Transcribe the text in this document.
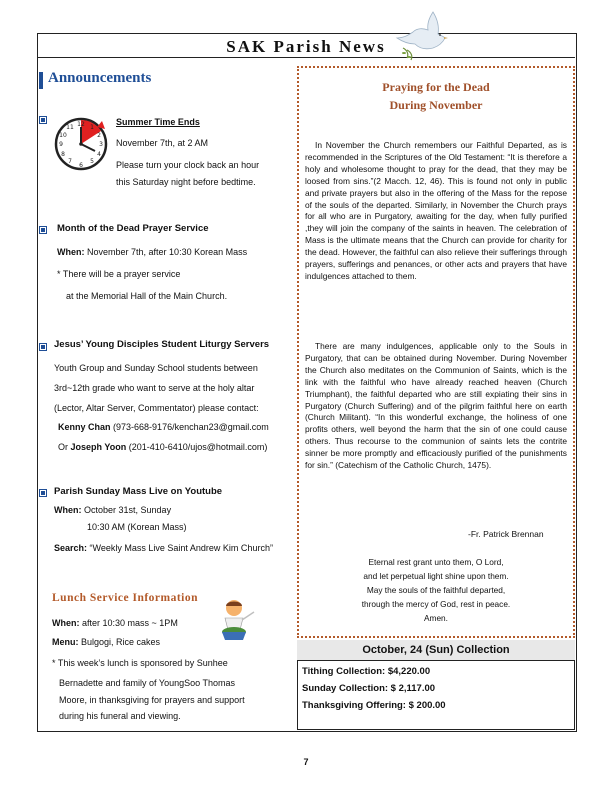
SAK Parish News
Announcements
12 1
2
3
4
5
6
7
8
9
10
11
Summer Time Ends
November 7th, at 2 AM
Please turn your clock back an hour
this Saturday night before bedtime.
Month of the Dead Prayer Service
When: November 7th, after 10:30 Korean Mass
* There will be a prayer service
at the Memorial Hall of the Main Church.
Jesus’ Young Disciples Student Liturgy Servers
Youth Group and Sunday School students between
3rd~12th grade who want to serve at the holy altar
(Lector, Altar Server, Commentator) please contact:
Kenny Chan (973-668-9176/kenchan23@gmail.com
Or Joseph Yoon (201-410-6410/ujos@hotmail.com)
Parish Sunday Mass Live on Youtube
When: October 31st, Sunday
10:30 AM (Korean Mass)
Search: “Weekly Mass Live Saint Andrew Kim Church”
Lunch Service Information
When: after 10:30 mass ~ 1PM
Menu: Bulgogi, Rice cakes
* This week’s lunch is sponsored by Sunhee
Bernadette and family of YoungSoo Thomas
Moore, in thanksgiving for prayers and support
during his funeral and viewing.
Praying for the Dead
During November
In November the Church remembers our Faithful Departed, as is recommended in the Scriptures of the Old Testament: “It is therefore a holy and wholesome thought to pray for the dead, that they may be loosed from sins.”(2 Macch. 12, 46). This is found not only in public and private prayers but also in the offering of the Mass for the repose of the souls of the departed. Similarly, in November the Church prays for all who are in Purgatory, awaiting for the day, when fully purified ,they will join the company of the saints in heaven. The celebration of Mass is the ultimate means that the Church can provide for charity for the dead. However, the faithful can also relieve their sufferings through prayers, sufferings and penances, or other acts and prayers that have indulgences attached to them.
There are many indulgences, applicable only to the Souls in Purgatory, that can be obtained during November. During November the Church also meditates on the Communion of Saints, which is the link with the faithful who have already reached heaven (Church Triumphant), the faithful departed who are still expiating their sins in Purgatory (Church Suffering) and of the pilgrim faithful here on earth (Church Militant). “In this wonderful exchange, the holiness of one profits others, well beyond the harm that the sin of one could cause others. Thus recourse to the communion of saints lets the contrite sinner be more promptly and efficaciously purified of the punishments for sin.” (Catechism of the Catholic Church, 1475).
-Fr. Patrick Brennan
Eternal rest grant unto them, O Lord,
and let perpetual light shine upon them.
May the souls of the faithful departed,
through the mercy of God, rest in peace.
Amen.
October, 24 (Sun) Collection
Tithing Collection: $4,220.00
Sunday Collection: $ 2,117.00
Thanksgiving Offering: $ 200.00
7
